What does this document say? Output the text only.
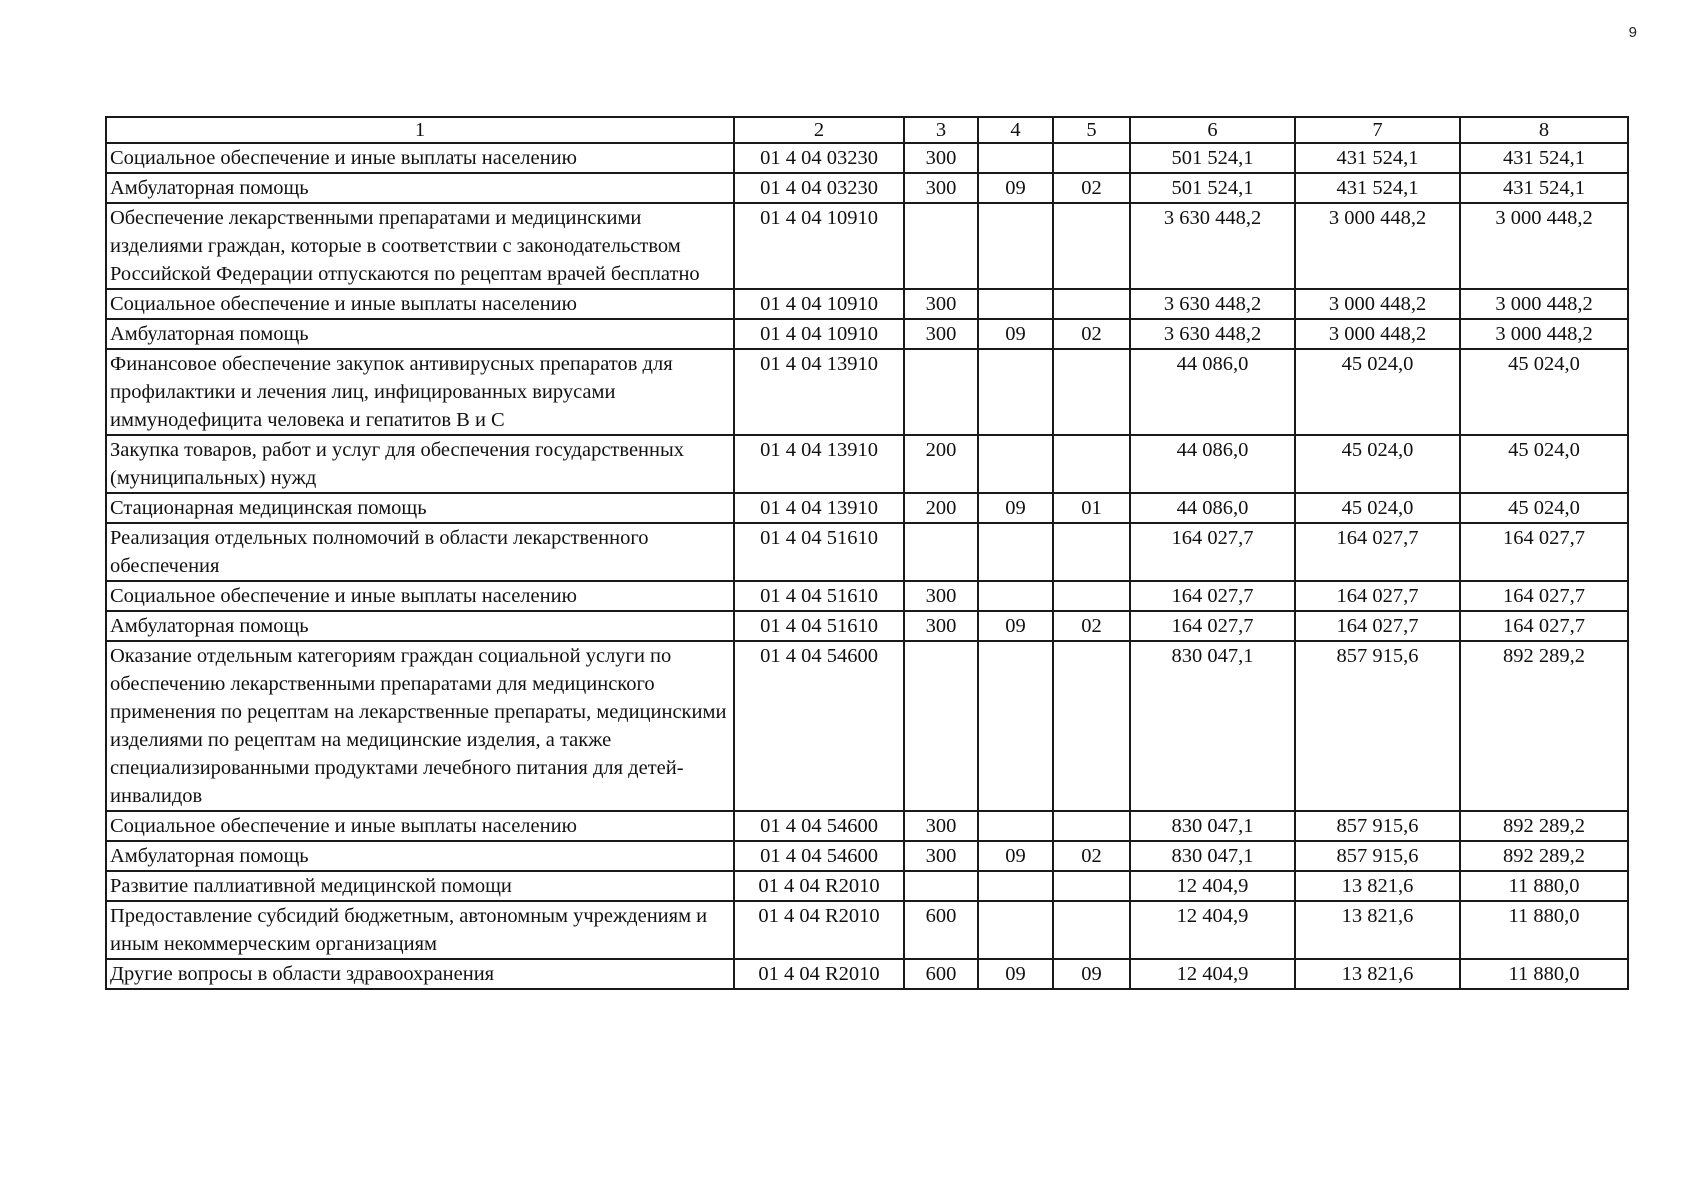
9
1	2	3	4	5	6	7	8
Социальное обеспечение и иные выплаты населению	01 4 04 03230	300			501 524,1	431 524,1	431 524,1
Амбулаторная помощь	01 4 04 03230	300	09	02	501 524,1	431 524,1	431 524,1
Обеспечение лекарственными препаратами и медицинскими изделиями граждан, которые в соответствии с законодательством Российской Федерации отпускаются по рецептам врачей бесплатно	01 4 04 10910				3 630 448,2	3 000 448,2	3 000 448,2
Социальное обеспечение и иные выплаты населению	01 4 04 10910	300			3 630 448,2	3 000 448,2	3 000 448,2
Амбулаторная помощь	01 4 04 10910	300	09	02	3 630 448,2	3 000 448,2	3 000 448,2
Финансовое обеспечение закупок антивирусных препаратов для профилактики и лечения лиц, инфицированных вирусами иммунодефицита человека и гепатитов В и С	01 4 04 13910				44 086,0	45 024,0	45 024,0
Закупка товаров, работ и услуг для обеспечения государственных (муниципальных) нужд	01 4 04 13910	200			44 086,0	45 024,0	45 024,0
Стационарная медицинская помощь	01 4 04 13910	200	09	01	44 086,0	45 024,0	45 024,0
Реализация отдельных полномочий в области лекарственного обеспечения	01 4 04 51610				164 027,7	164 027,7	164 027,7
Социальное обеспечение и иные выплаты населению	01 4 04 51610	300			164 027,7	164 027,7	164 027,7
Амбулаторная помощь	01 4 04 51610	300	09	02	164 027,7	164 027,7	164 027,7
Оказание отдельным категориям граждан социальной услуги по обеспечению лекарственными препаратами для медицинского применения по рецептам на лекарственные препараты, медицинскими изделиями по рецептам на медицинские изделия, а также специализированными продуктами лечебного питания для детей-инвалидов	01 4 04 54600				830 047,1	857 915,6	892 289,2
Социальное обеспечение и иные выплаты населению	01 4 04 54600	300			830 047,1	857 915,6	892 289,2
Амбулаторная помощь	01 4 04 54600	300	09	02	830 047,1	857 915,6	892 289,2
Развитие паллиативной медицинской помощи	01 4 04 R2010				12 404,9	13 821,6	11 880,0
Предоставление субсидий бюджетным, автономным учреждениям и иным некоммерческим организациям	01 4 04 R2010	600			12 404,9	13 821,6	11 880,0
Другие вопросы в области здравоохранения	01 4 04 R2010	600	09	09	12 404,9	13 821,6	11 880,0
